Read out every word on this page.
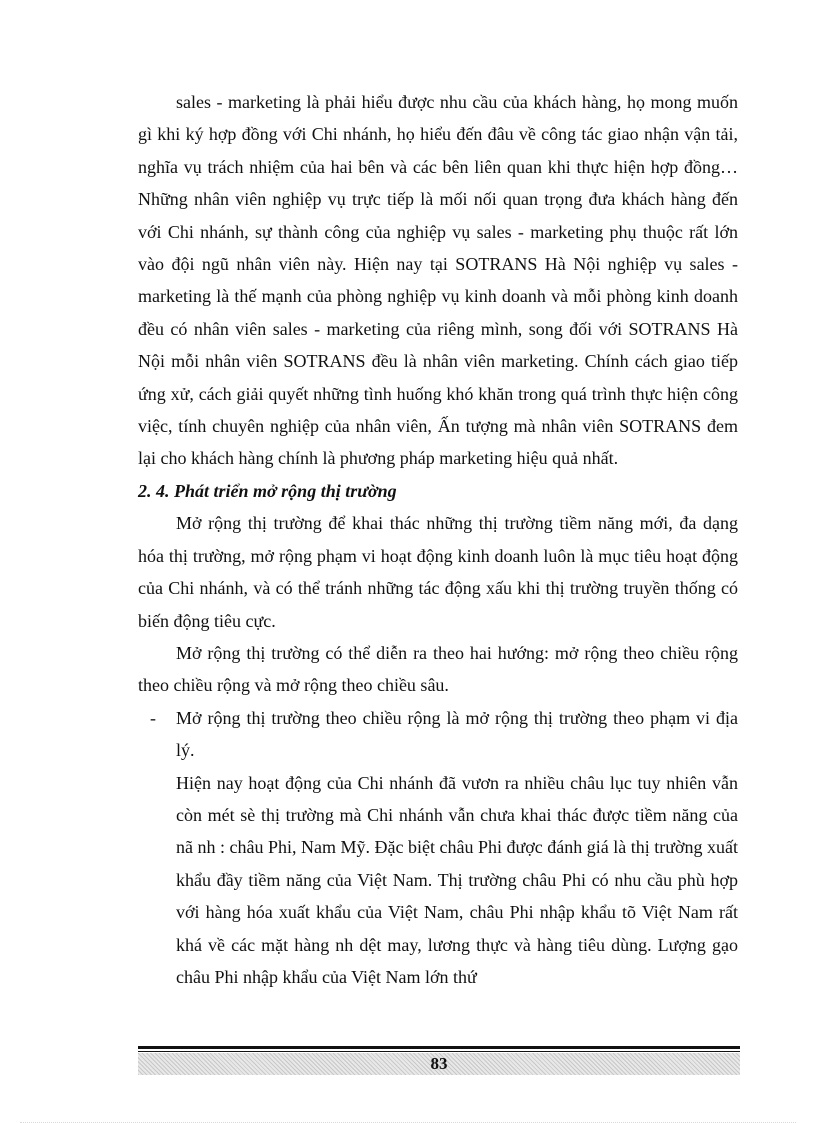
sales - marketing là phải hiểu được nhu cầu của khách hàng, họ mong muốn gì khi ký hợp đồng với Chi nhánh, họ hiểu đến đâu về công tác giao nhận vận tải, nghĩa vụ trách nhiệm của hai bên và các bên liên quan khi thực hiện hợp đồng… Những nhân viên nghiệp vụ trực tiếp là mối nối quan trọng đưa khách hàng đến với Chi nhánh, sự thành công của nghiệp vụ sales - marketing phụ thuộc rất lớn vào đội ngũ nhân viên này. Hiện nay tại SOTRANS Hà Nội nghiệp vụ sales - marketing là thế mạnh của phòng nghiệp vụ kinh doanh và mỗi phòng kinh doanh đều có nhân viên sales - marketing của riêng mình, song đối với SOTRANS Hà Nội mỗi nhân viên SOTRANS đều là nhân viên marketing. Chính cách giao tiếp ứng xử, cách giải quyết những tình huống khó khăn trong quá trình thực hiện công việc, tính chuyên nghiệp của nhân viên, Ấn tượng mà nhân viên SOTRANS đem lại cho khách hàng chính là phương pháp marketing hiệu quả nhất.

2. 4. Phát triển mở rộng thị trường

Mở rộng thị trường để khai thác những thị trường tiềm năng mới, đa dạng hóa thị trường, mở rộng phạm vi hoạt động kinh doanh luôn là mục tiêu hoạt động của Chi nhánh, và có thể tránh những tác động xấu khi thị trường truyền thống có biến động tiêu cực.

Mở rộng thị trường có thể diễn ra theo hai hướng: mở rộng theo chiều rộng theo chiều rộng và mở rộng theo chiều sâu.

- Mở rộng thị trường theo chiều rộng là mở rộng thị trường theo phạm vi địa lý.

Hiện nay hoạt động của Chi nhánh đã vươn ra nhiều châu lục tuy nhiên vẫn còn mét sè thị trường mà Chi nhánh vẫn chưa khai thác được tiềm năng của nã nh : châu Phi, Nam Mỹ. Đặc biệt châu Phi được đánh giá là thị trường xuất khẩu đầy tiềm năng của Việt Nam. Thị trường châu Phi có nhu cầu phù hợp với hàng hóa xuất khẩu của Việt Nam, châu Phi nhập khẩu tõ Việt Nam rất khá về các mặt hàng nh dệt may, lương thực và hàng tiêu dùng. Lượng gạo châu Phi nhập khẩu của Việt Nam lớn thứ

83
